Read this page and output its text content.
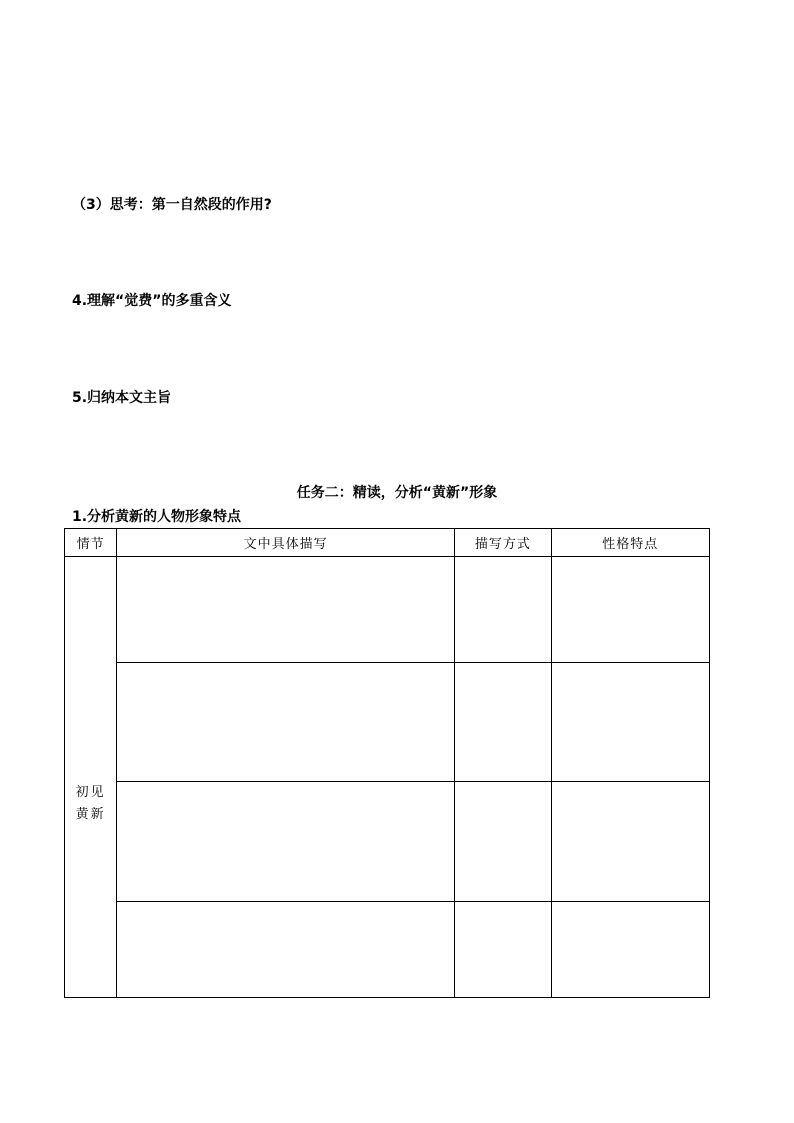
（3）思考：第一自然段的作用?
4.理解“觉费”的多重含义
5.归纳本文主旨
任务二：精读，分析“黄新”形象
1.分析黄新的人物形象特点
情节	文中具体描写	描写方式	性格特点
初见黄新			
